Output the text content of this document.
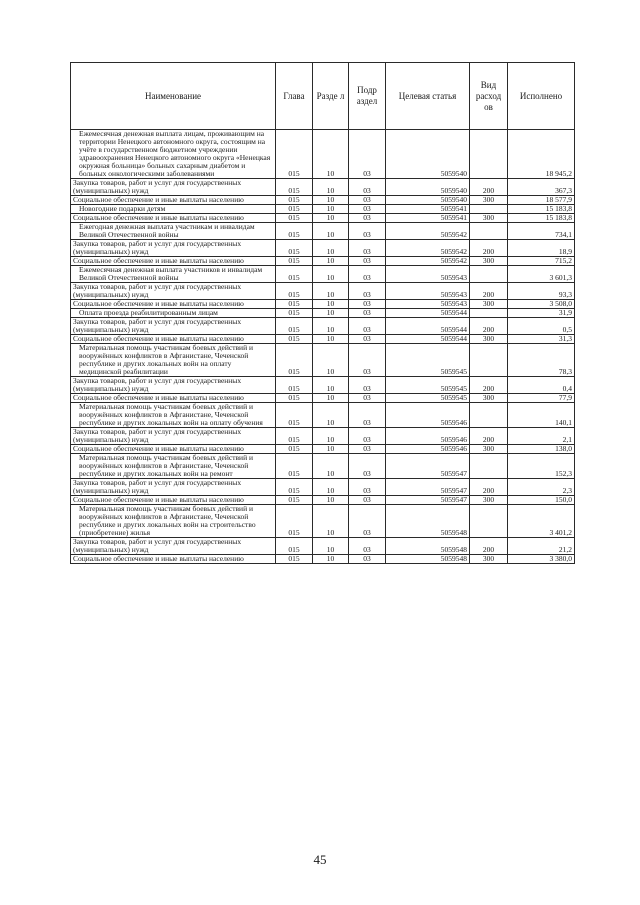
Наименование	Глава	Разде л	Подр аздел	Целевая статья	Вид расход ов	Исполнено
Ежемесячная денежная выплата лицам, проживающим на территории Ненецкого автономного округа, состоящим на учёте в государственном бюджетном учреждении здравоохранения Ненецкого автономного округа «Ненецкая окружная больница» больных сахарным диабетом и больных онкологическими заболеваниями	015	10	03	5059540		18 945,2
Закупка товаров, работ и услуг для государственных (муниципальных) нужд	015	10	03	5059540	200	367,3
Социальное обеспечение и иные выплаты населению	015	10	03	5059540	300	18 577,9
Новогодние подарки детям	015	10	03	5059541		15 183,8
Социальное обеспечение и иные выплаты населению	015	10	03	5059541	300	15 183,8
Ежегодная денежная выплата участникам и инвалидам Великой Отечественной войны	015	10	03	5059542		734,1
Закупка товаров, работ и услуг для государственных (муниципальных) нужд	015	10	03	5059542	200	18,9
Социальное обеспечение и иные выплаты населению	015	10	03	5059542	300	715,2
Ежемесячная денежная выплата участников и инвалидам Великой Отечественной войны	015	10	03	5059543		3 601,3
Закупка товаров, работ и услуг для государственных (муниципальных) нужд	015	10	03	5059543	200	93,3
Социальное обеспечение и иные выплаты населению	015	10	03	5059543	300	3 508,0
Оплата проезда реабилитированным лицам	015	10	03	5059544		31,9
Закупка товаров, работ и услуг для государственных (муниципальных) нужд	015	10	03	5059544	200	0,5
Социальное обеспечение и иные выплаты населению	015	10	03	5059544	300	31,3
Материальная помощь участникам боевых действий и вооружённых конфликтов в Афганистане, Чеченской республике и других локальных войн на оплату медицинской реабилитации	015	10	03	5059545		78,3
Закупка товаров, работ и услуг для государственных (муниципальных) нужд	015	10	03	5059545	200	0,4
Социальное обеспечение и иные выплаты населению	015	10	03	5059545	300	77,9
Материальная помощь участникам боевых действий и вооружённых конфликтов в Афганистане, Чеченской республике и других локальных войн на оплату обучения	015	10	03	5059546		140,1
Закупка товаров, работ и услуг для государственных (муниципальных) нужд	015	10	03	5059546	200	2,1
Социальное обеспечение и иные выплаты населению	015	10	03	5059546	300	138,0
Материальная помощь участникам боевых действий и вооружённых конфликтов в Афганистане, Чеченской республике и других локальных войн на ремонт	015	10	03	5059547		152,3
Закупка товаров, работ и услуг для государственных (муниципальных) нужд	015	10	03	5059547	200	2,3
Социальное обеспечение и иные выплаты населению	015	10	03	5059547	300	150,0
Материальная помощь участникам боевых действий и вооружённых конфликтов в Афганистане, Чеченской республике и других локальных войн на строительство (приобретение) жилья	015	10	03	5059548		3 401,2
Закупка товаров, работ и услуг для государственных (муниципальных) нужд	015	10	03	5059548	200	21,2
Социальное обеспечение и иные выплаты населению	015	10	03	5059548	300	3 380,0
45
